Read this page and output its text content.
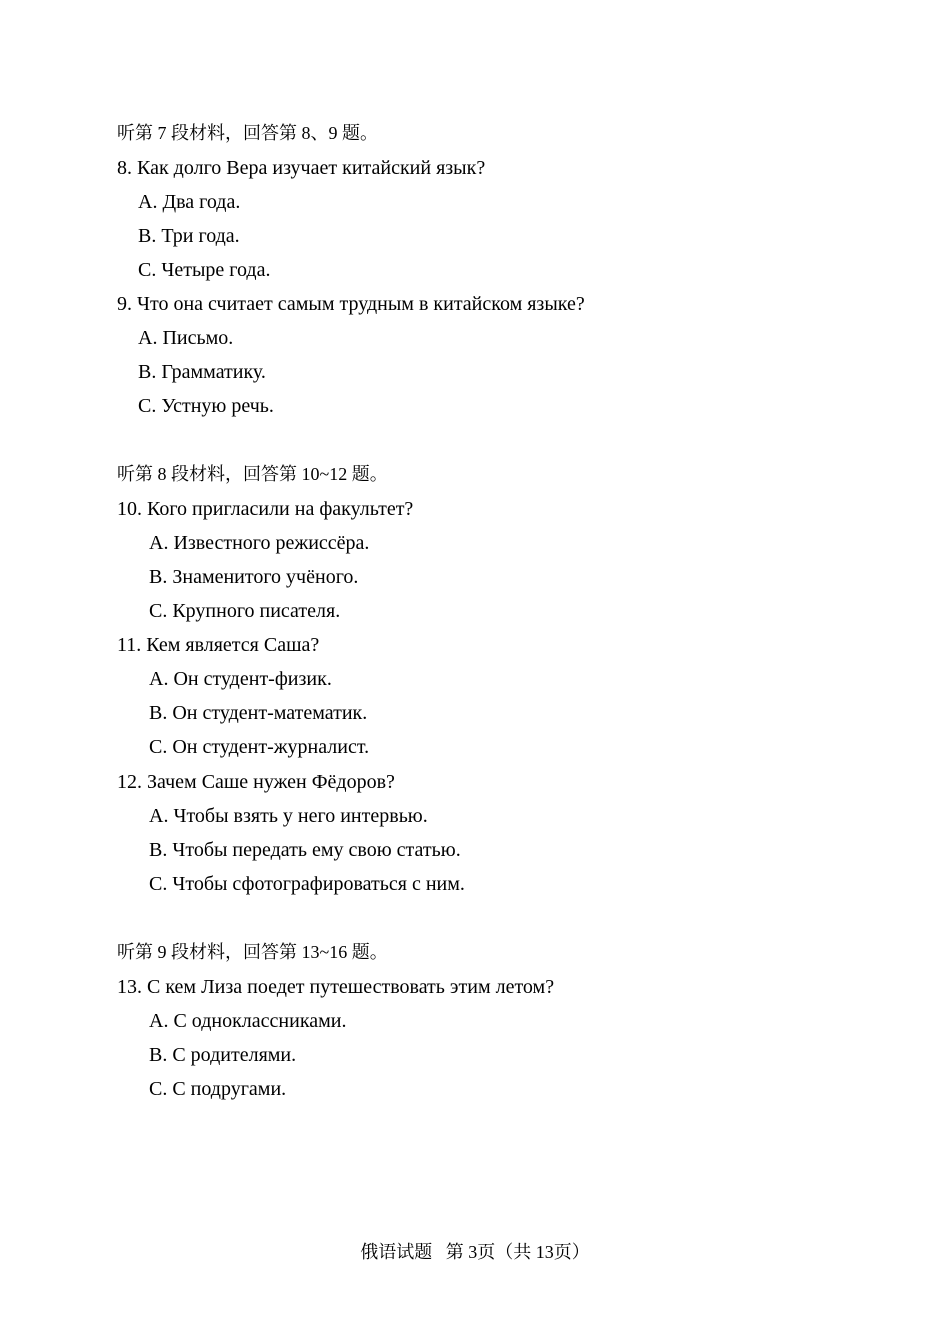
听第 7 段材料，回答第 8、9 题。
8. Как долго Вера изучает китайский язык?
A. Два года.
B. Три года.
C. Четыре года.
9. Что она считает самым трудным в китайском языке?
A. Письмо.
B. Грамматику.
C. Устную речь.
听第 8 段材料，回答第 10~12 题。
10. Кого пригласили на факультет?
A. Известного режиссёра.
B. Знаменитого учёного.
C. Крупного писателя.
11. Кем является Саша?
A. Он студент-физик.
B. Он студент-математик.
C. Он студент-журналист.
12. Зачем Саше нужен Фёдоров?
A. Чтобы взять у него интервью.
B. Чтобы передать ему свою статью.
C. Чтобы сфотографироваться с ним.
听第 9 段材料，回答第 13~16 题。
13. С кем Лиза поедет путешествовать этим летом?
A. С одноклассниками.
B. С родителями.
C. С подругами.
俄语试题   第 3页（共 13页）
